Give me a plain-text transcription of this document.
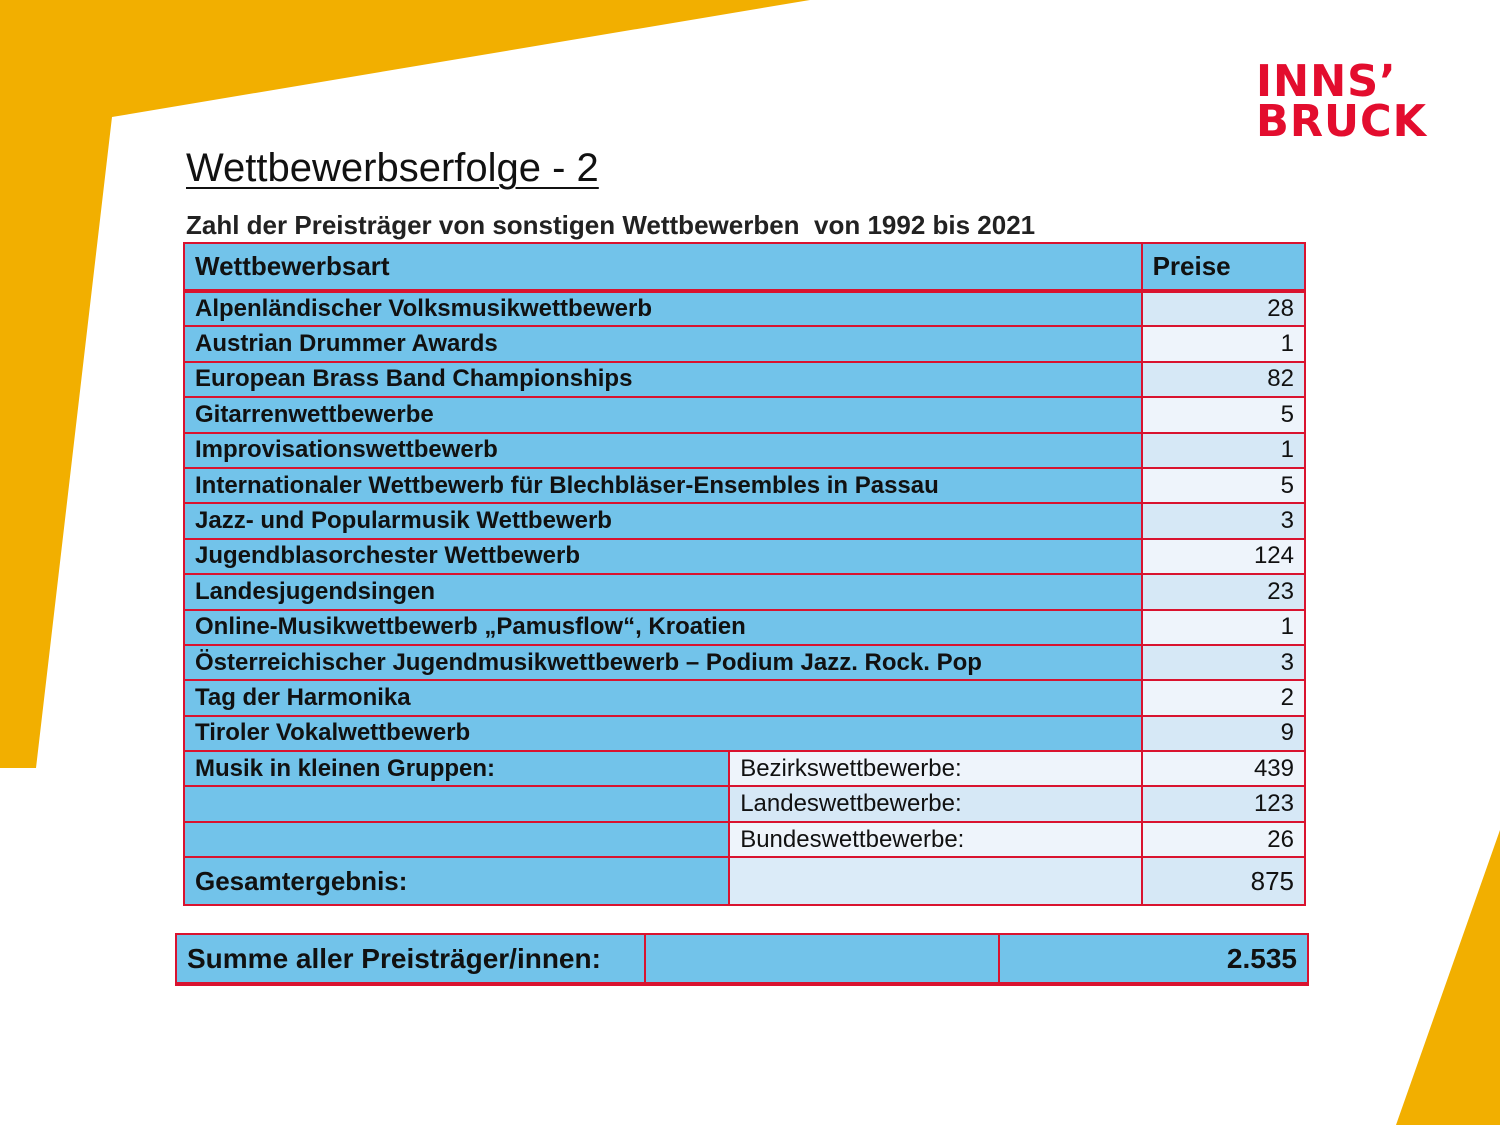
INNS’
BRUCK
Wettbewerbserfolge - 2
Zahl der Preisträger von sonstigen Wettbewerben  von 1992 bis 2021
Wettbewerbsart		Preise
Alpenländischer Volksmusikwettbewerb		28
Austrian Drummer Awards		1
European Brass Band Championships		82
Gitarrenwettbewerbe		5
Improvisationswettbewerb		1
Internationaler Wettbewerb für Blechbläser-Ensembles in Passau		5
Jazz- und Popularmusik Wettbewerb		3
Jugendblasorchester Wettbewerb		124
Landesjugendsingen		23
Online-Musikwettbewerb „Pamusflow“, Kroatien		1
Österreichischer Jugendmusikwettbewerb – Podium Jazz. Rock. Pop		3
Tag der Harmonika		2
Tiroler Vokalwettbewerb		9
Musik in kleinen Gruppen:	Bezirkswettbewerbe:	439
	Landeswettbewerbe:	123
	Bundeswettbewerbe:	26
Gesamtergebnis:		875
Summe aller Preisträger/innen:		2.535
